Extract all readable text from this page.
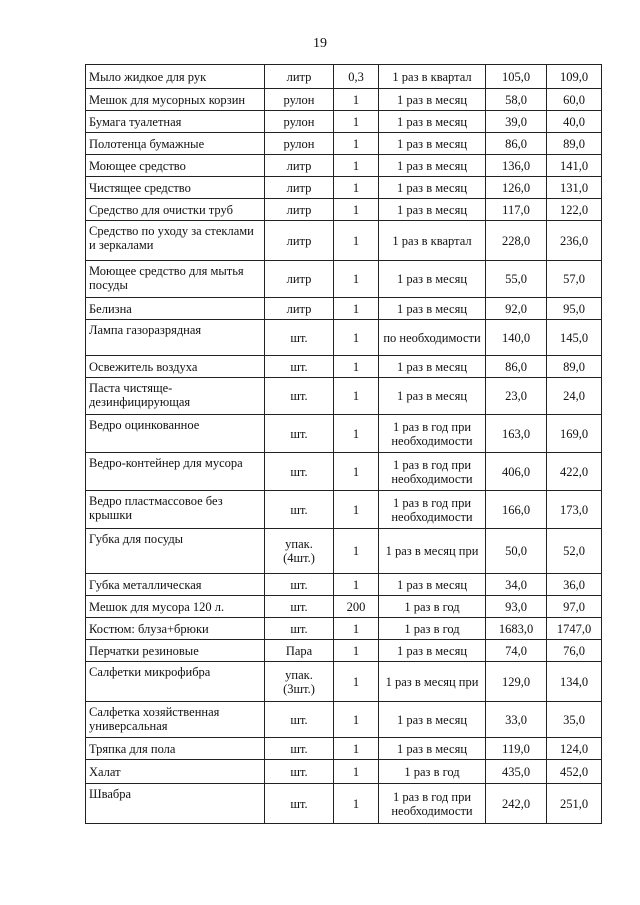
19
Мыло жидкое для рук	литр	0,3	1 раз в квартал	105,0	109,0
Мешок для мусорных корзин	рулон	1	1 раз в месяц	58,0	60,0
Бумага туалетная	рулон	1	1 раз в месяц	39,0	40,0
Полотенца бумажные	рулон	1	1 раз в месяц	86,0	89,0
Моющее средство	литр	1	1 раз в месяц	136,0	141,0
Чистящее средство	литр	1	1 раз в месяц	126,0	131,0
Средство для очистки труб	литр	1	1 раз в месяц	117,0	122,0
Средство по уходу за стеклами и зеркалами	литр	1	1 раз в квартал	228,0	236,0
Моющее средство для мытья посуды	литр	1	1 раз в месяц	55,0	57,0
Белизна	литр	1	1 раз в месяц	92,0	95,0
Лампа газоразрядная	шт.	1	по необходимости	140,0	145,0
Освежитель воздуха	шт.	1	1 раз в месяц	86,0	89,0
Паста чистяще-дезинфицирующая	шт.	1	1 раз в месяц	23,0	24,0
Ведро оцинкованное	шт.	1	1 раз в год при необходимости	163,0	169,0
Ведро-контейнер для мусора	шт.	1	1 раз в год при необходимости	406,0	422,0
Ведро пластмассовое без крышки	шт.	1	1 раз в год при необходимости	166,0	173,0
Губка для посуды	упак. (4шт.)	1	1 раз в месяц при	50,0	52,0
Губка металлическая	шт.	1	1 раз в месяц	34,0	36,0
Мешок для мусора 120 л.	шт.	200	1 раз в год	93,0	97,0
Костюм: блуза+брюки	шт.	1	1 раз в год	1683,0	1747,0
Перчатки резиновые	Пара	1	1 раз в месяц	74,0	76,0
Салфетки микрофибра	упак. (3шт.)	1	1 раз в месяц при	129,0	134,0
Салфетка хозяйственная универсальная	шт.	1	1 раз в месяц	33,0	35,0
Тряпка для пола	шт.	1	1 раз в месяц	119,0	124,0
Халат	шт.	1	1 раз в год	435,0	452,0
Швабра	шт.	1	1 раз в год при необходимости	242,0	251,0
